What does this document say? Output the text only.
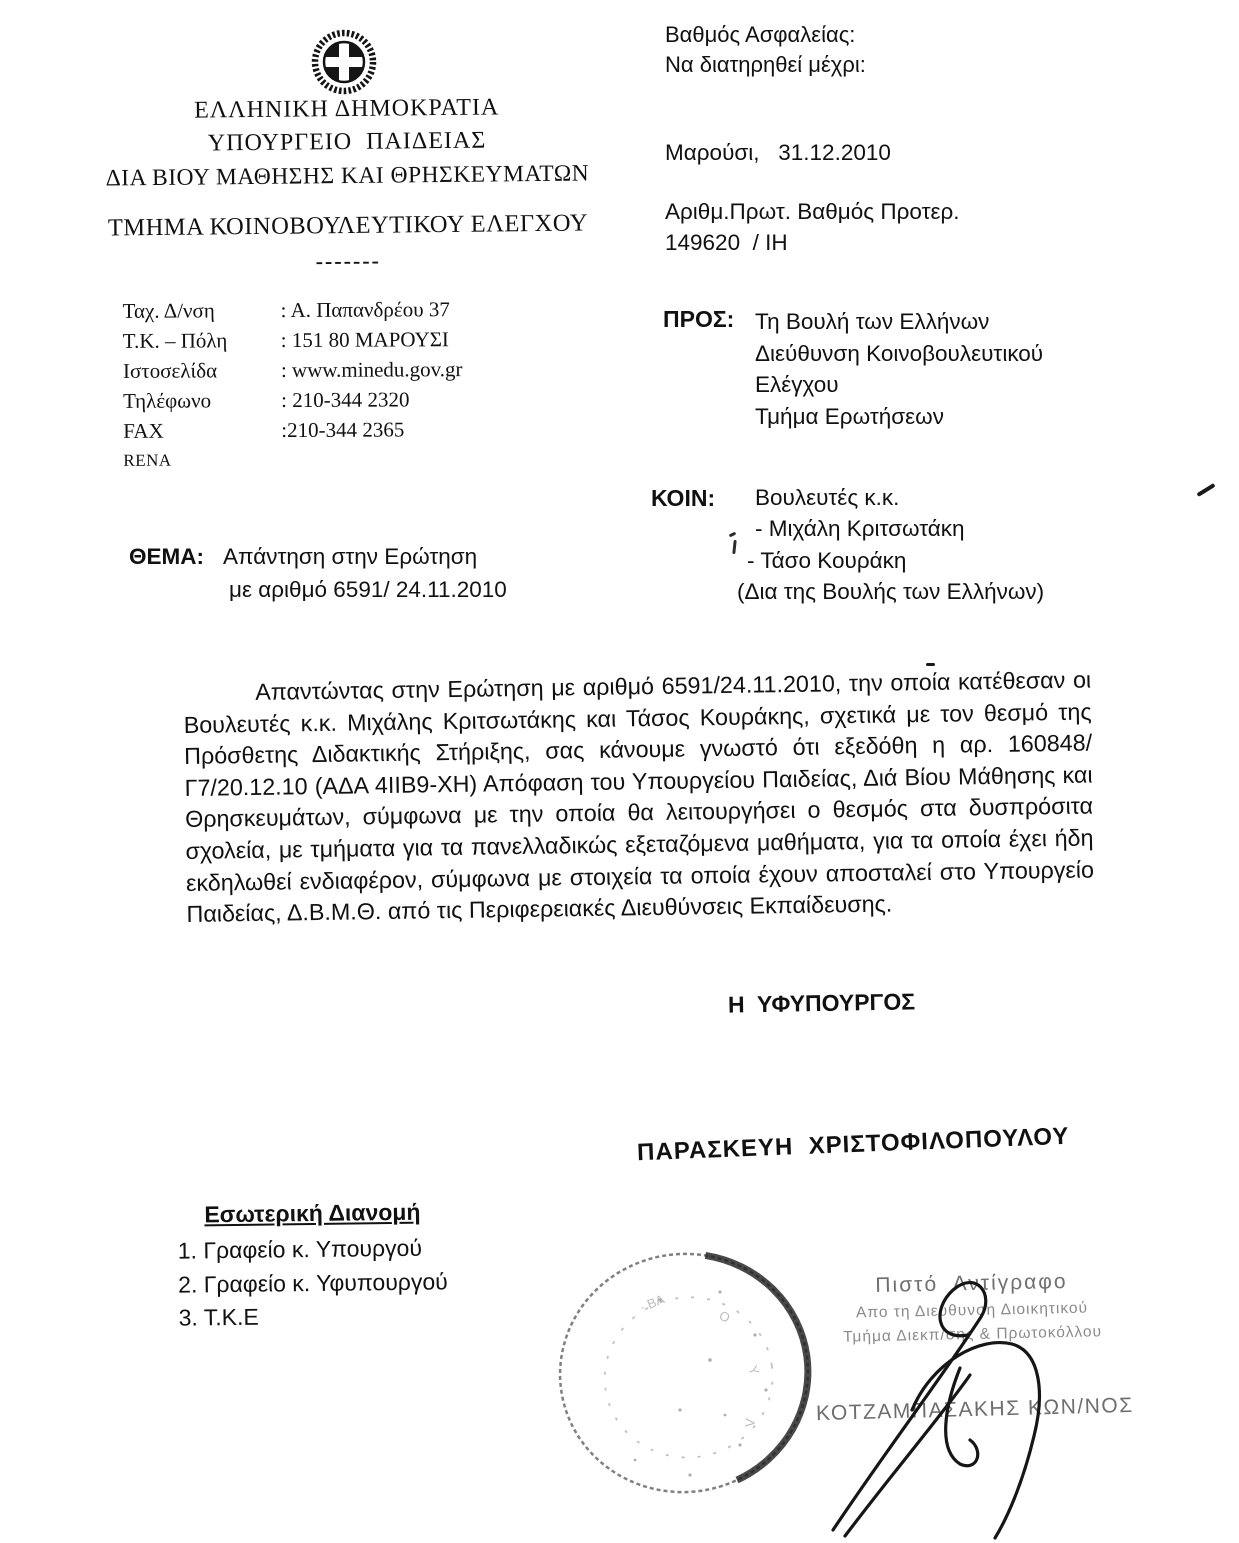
ΕΛΛΗΝΙΚΗ ΔΗΜΟΚΡΑΤΙΑ
ΥΠΟΥΡΓΕΙΟ  ΠΑΙΔΕΙΑΣ
ΔΙΑ ΒΙΟΥ ΜΑΘΗΣΗΣ ΚΑΙ ΘΡΗΣΚΕΥΜΑΤΩΝ
ΤΜΗΜΑ ΚΟΙΝΟΒΟΥΛΕΥΤΙΚΟΥ ΕΛΕΓΧΟΥ
-------
Ταχ. Δ/νση	: Α. Παπανδρέου 37
Τ.Κ. – Πόλη	: 151 80 ΜΑΡΟΥΣΙ
Ιστοσελίδα	: www.minedu.gov.gr
Τηλέφωνο	: 210-344 2320
FAX	:210-344 2365
RENA
Βαθμός Ασφαλείας:
Να διατηρηθεί μέχρι:
Μαρούσι,   31.12.2010
Αριθμ.Πρωτ. Βαθμός Προτερ.
149620  / ΙΗ
ΠΡΟΣ: Τη Βουλή των Ελλήνων
Διεύθυνση Κοινοβουλευτικού
Ελέγχου
Τμήμα Ερωτήσεων
ΚΟΙΝ: Βουλευτές κ.κ.
- Μιχάλη Κριτσωτάκη
- Τάσο Κουράκη
(Δια της Βουλής των Ελλήνων)
ΘΕΜΑ: Απάντηση στην Ερώτηση
με αριθμό 6591/ 24.11.2010
Απαντώντας στην Ερώτηση με αριθμό 6591/24.11.2010, την οποία κατέθεσαν οι Βουλευτές κ.κ. Μιχάλης Κριτσωτάκης και Τάσος Κουράκης, σχετικά με τον θεσμό της Πρόσθετης Διδακτικής Στήριξης, σας κάνουμε γνωστό ότι εξεδόθη η αρ. 160848/Γ7/20.12.10 (ΑΔΑ 4ΙΙΒ9-ΧΗ) Απόφαση του Υπουργείου Παιδείας, Διά Βίου Μάθησης και Θρησκευμάτων, σύμφωνα με την οποία θα λειτουργήσει ο θεσμός στα δυσπρόσιτα σχολεία, με τμήματα για τα πανελλαδικώς εξεταζόμενα μαθήματα, για τα οποία έχει ήδη εκδηλωθεί ενδιαφέρον, σύμφωνα με στοιχεία τα οποία έχουν αποσταλεί στο Υπουργείο Παιδείας, Δ.Β.Μ.Θ. από τις Περιφερειακές Διευθύνσεις Εκπαίδευσης.
Η  ΥΦΥΠΟΥΡΓΟΣ
ΠΑΡΑΣΚΕΥΗ  ΧΡΙΣΤΟΦΙΛΟΠΟΥΛΟΥ
Εσωτερική Διανομή
1. Γραφείο κ. Υπουργού
2. Γραφείο κ. Υφυπουργού
3. Τ.Κ.Ε
Πιστό  Αντίγραφο
Απο τη Διεύθυνση Διοικητικού
Τμήμα Διεκπ/σης & Πρωτοκόλλου
ΚΟΤΖΑΜΠΑΣΑΚΗΣ ΚΩΝ/ΝΟΣ
· ΒΛ
Ο
Υ
Λ
